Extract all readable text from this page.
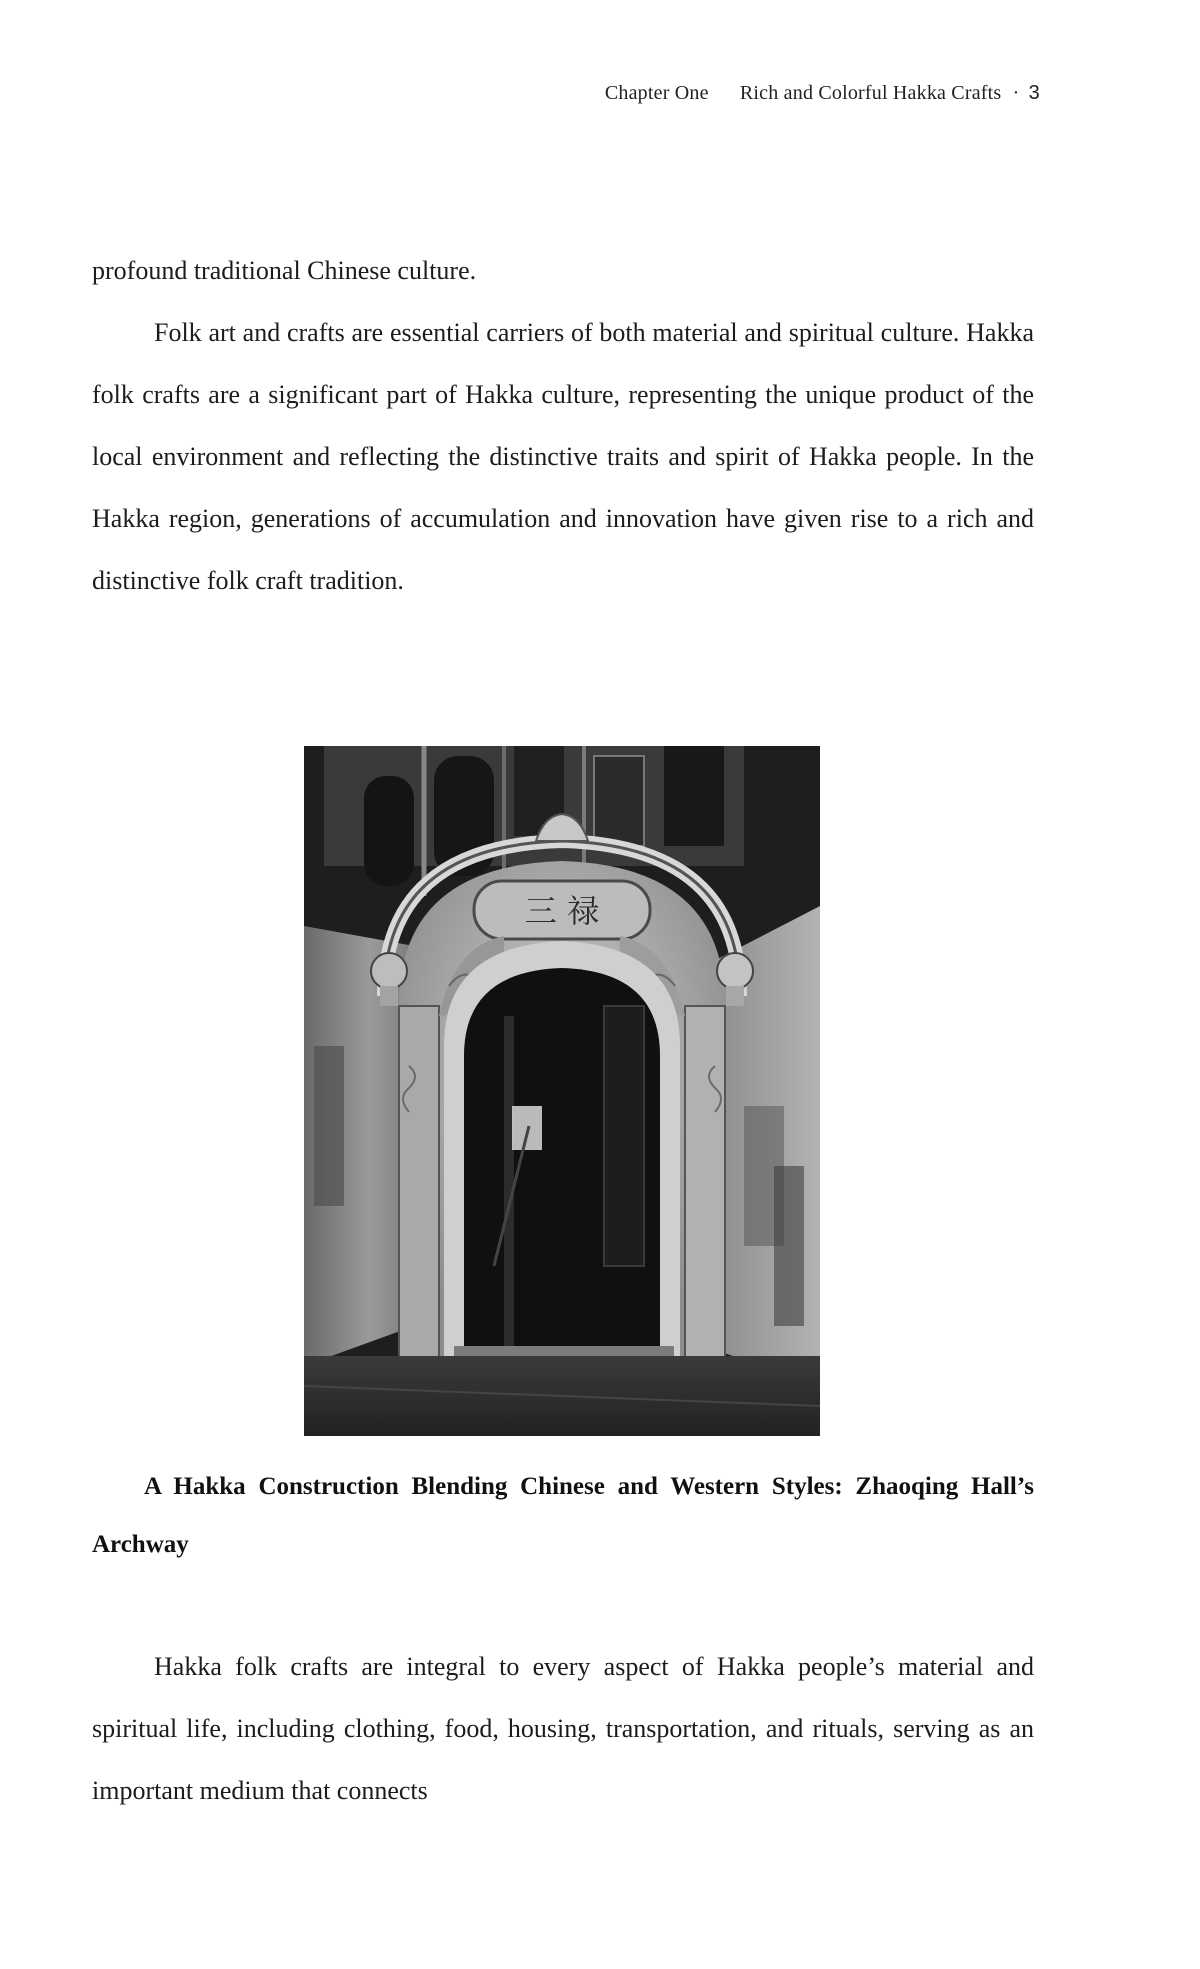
Chapter One Rich and Colorful Hakka Crafts · 3

profound traditional Chinese culture.

Folk art and crafts are essential carriers of both material and spiritual culture. Hakka folk crafts are a significant part of Hakka culture, representing the unique product of the local environment and reflecting the distinctive traits and spirit of Hakka people. In the Hakka region, generations of accumulation and innovation have given rise to a rich and distinctive folk craft tradition.

三 禄

A Hakka Construction Blending Chinese and Western Styles: Zhaoqing Hall’s Archway

Hakka folk crafts are integral to every aspect of Hakka people’s material and spiritual life, including clothing, food, housing, transportation, and rituals, serving as an important medium that connects
